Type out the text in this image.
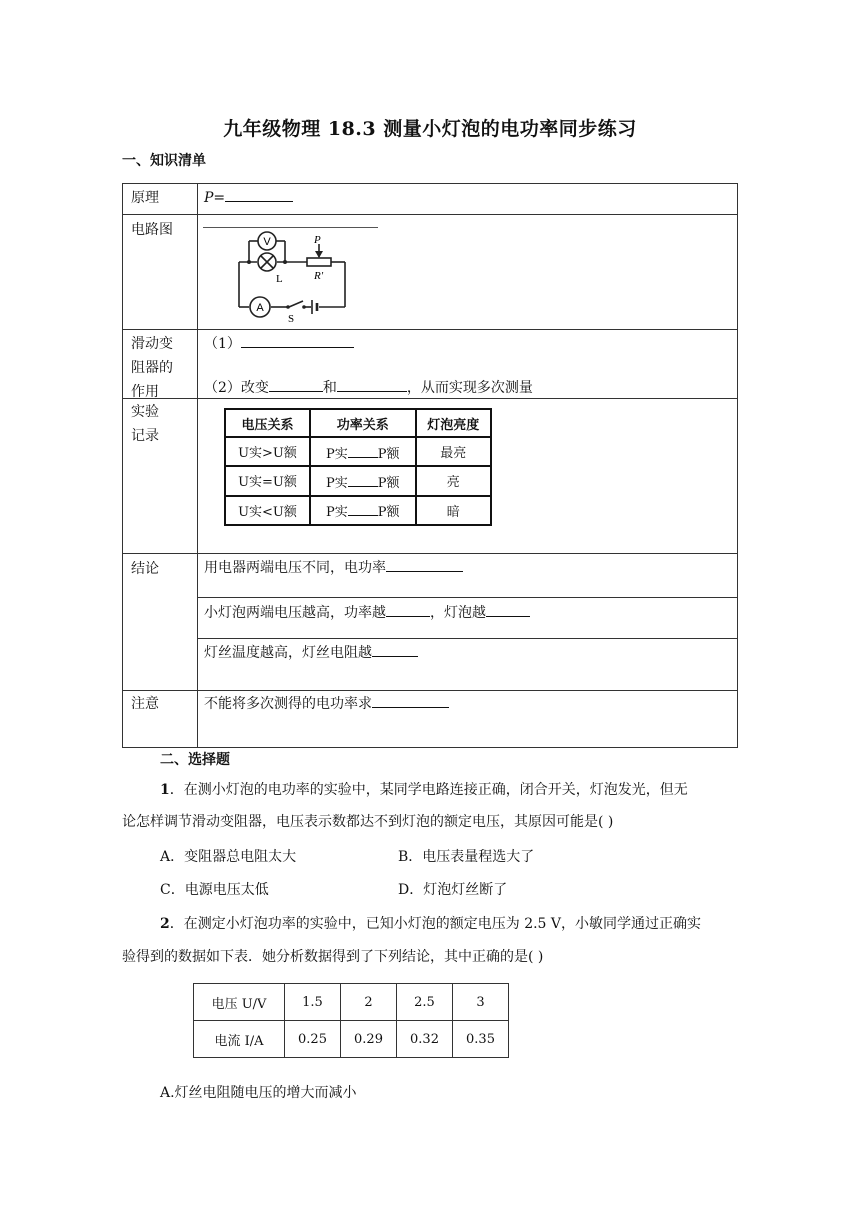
九年级物理 18.3 测量小灯泡的电功率同步练习
一、知识清单
原理	P=
电路图
V
A
L
P
R'
S
滑动变
阻器的
作用
（1）
（2）改变	和	，从而实现多次测量
实验
记录
电压关系	功率关系	灯泡亮度
U实>U额	P实 P额	最亮
U实=U额	P实 P额	亮
U实<U额	P实 P额	暗
结论	用电器两端电压不同，电功率
小灯泡两端电压越高，功率越	，灯泡越
灯丝温度越高，灯丝电阻越
注意	不能将多次测得的电功率求
二、选择题
1．在测小灯泡的电功率的实验中，某同学电路连接正确，闭合开关，灯泡发光，但无
论怎样调节滑动变阻器，电压表示数都达不到灯泡的额定电压，其原因可能是( )
A．变阻器总电阻太大	B．电压表量程选大了
C．电源电压太低	D．灯泡灯丝断了
2．在测定小灯泡功率的实验中，已知小灯泡的额定电压为 2.5 V，小敏同学通过正确实
验得到的数据如下表．她分析数据得到了下列结论，其中正确的是( )
电压 U/V	1.5	2	2.5	3
电流 I/A	0.25	0.29	0.32	0.35
A.灯丝电阻随电压的增大而减小
